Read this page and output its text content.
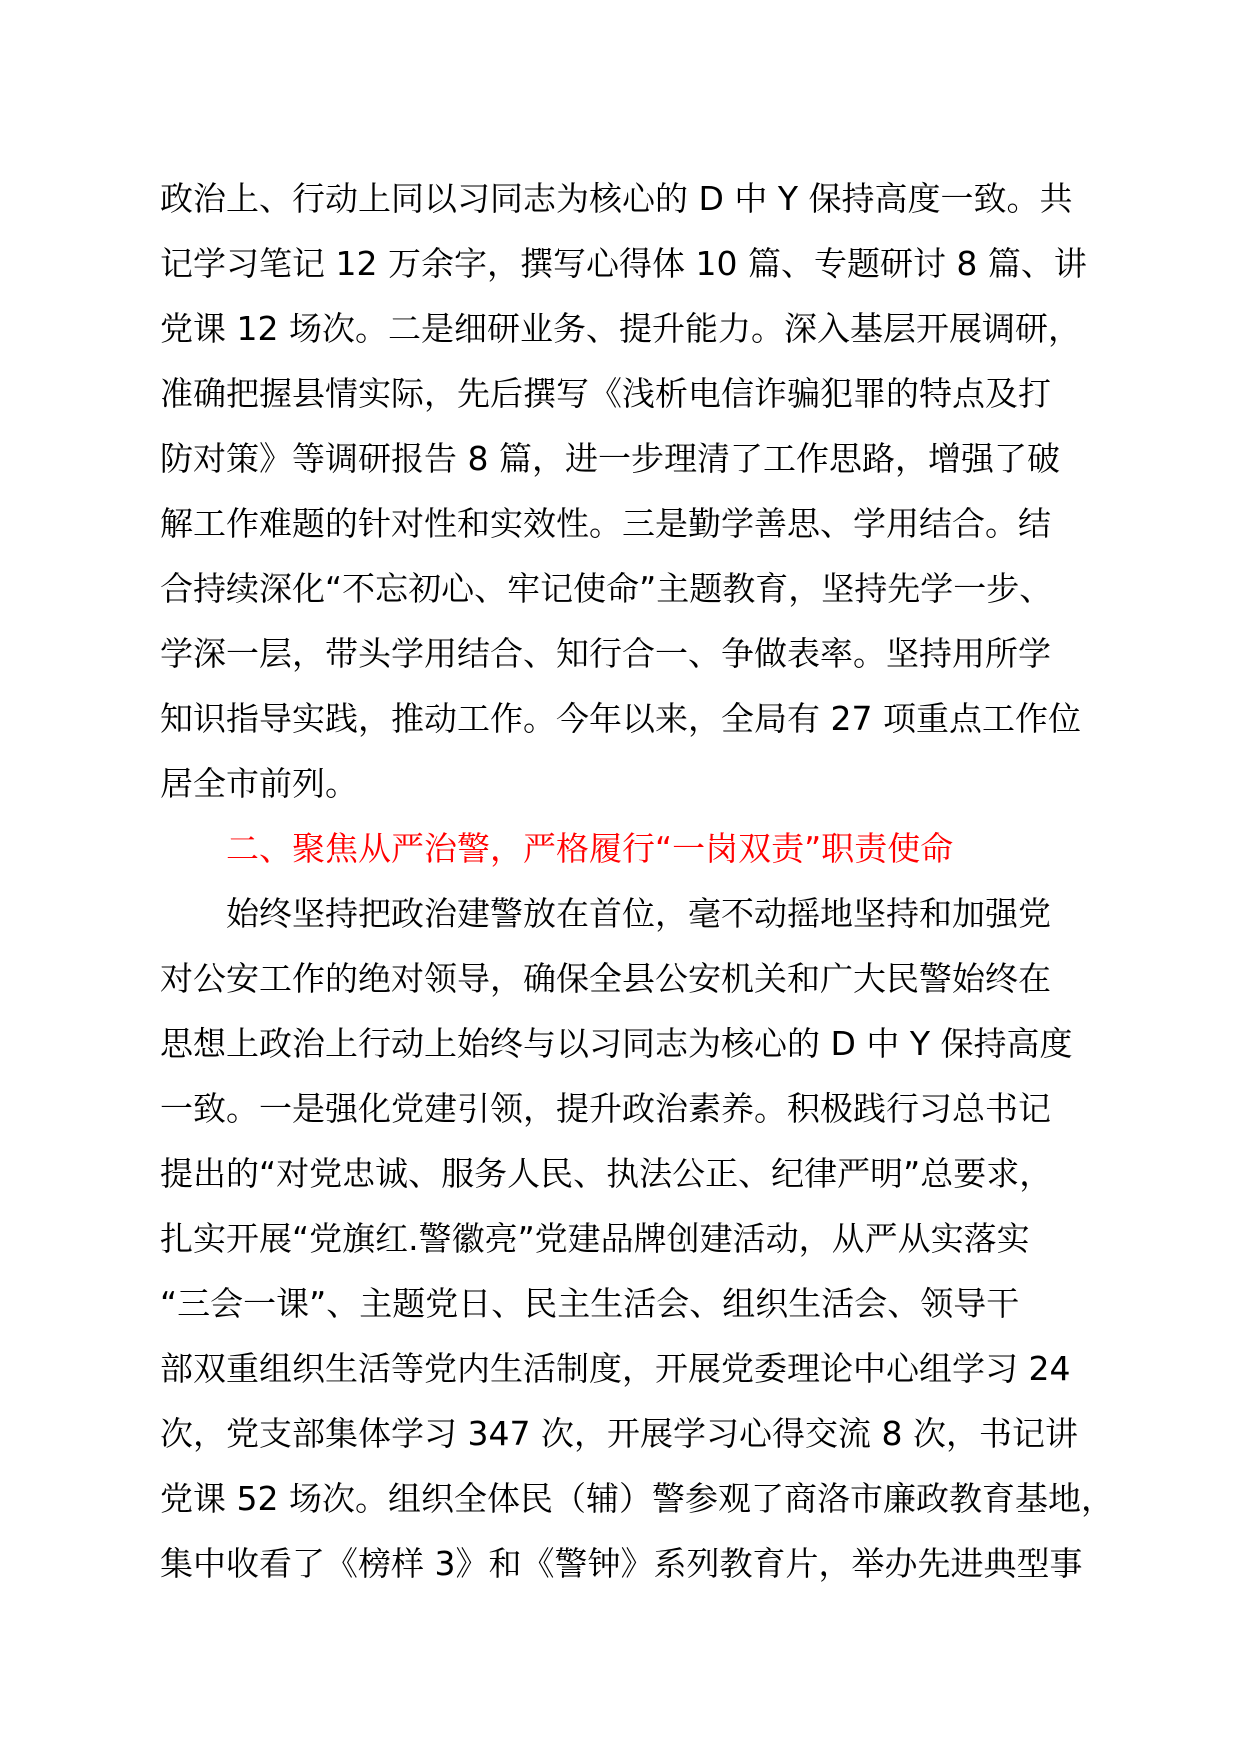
政治上、行动上同以习同志为核心的 D 中 Y 保持高度一致。共
记学习笔记 12 万余字，撰写心得体 10 篇、专题研讨 8 篇、讲
党课 12 场次。二是细研业务、提升能力。深入基层开展调研，
准确把握县情实际，先后撰写《浅析电信诈骗犯罪的特点及打
防对策》等调研报告 8 篇，进一步理清了工作思路，增强了破
解工作难题的针对性和实效性。三是勤学善思、学用结合。结
合持续深化“不忘初心、牢记使命”主题教育，坚持先学一步、
学深一层，带头学用结合、知行合一、争做表率。坚持用所学
知识指导实践，推动工作。今年以来，全局有 27 项重点工作位
居全市前列。
二、聚焦从严治警，严格履行“一岗双责”职责使命
始终坚持把政治建警放在首位，毫不动摇地坚持和加强党
对公安工作的绝对领导，确保全县公安机关和广大民警始终在
思想上政治上行动上始终与以习同志为核心的 D 中 Y 保持高度
一致。一是强化党建引领，提升政治素养。积极践行习总书记
提出的“对党忠诚、服务人民、执法公正、纪律严明”总要求，
扎实开展“党旗红.警徽亮”党建品牌创建活动，从严从实落实
“三会一课”、主题党日、民主生活会、组织生活会、领导干
部双重组织生活等党内生活制度，开展党委理论中心组学习 24
次，党支部集体学习 347 次，开展学习心得交流 8 次，书记讲
党课 52 场次。组织全体民（辅）警参观了商洛市廉政教育基地，
集中收看了《榜样 3》和《警钟》系列教育片，举办先进典型事
